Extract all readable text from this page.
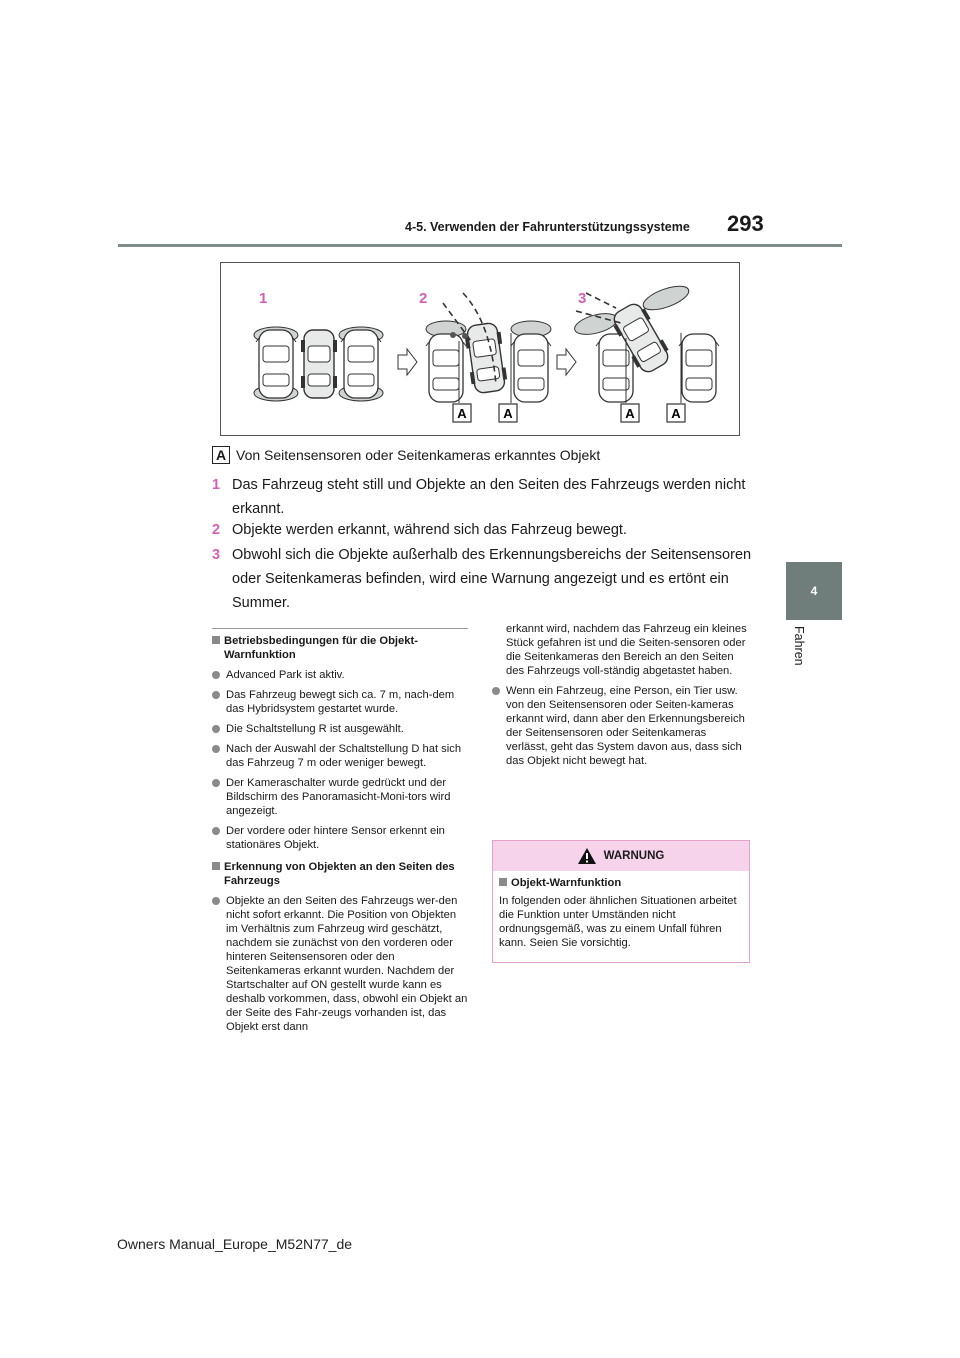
4-5. Verwenden der Fahrunterstützungssysteme 293
4
Fahren
1	2	3
A	A	A	A
A Von Seitensensoren oder Seitenkameras erkanntes Objekt
1 Das Fahrzeug steht still und Objekte an den Seiten des Fahrzeugs werden nicht erkannt.
2 Objekte werden erkannt, während sich das Fahrzeug bewegt.
3 Obwohl sich die Objekte außerhalb des Erkennungsbereichs der Seitensensoren oder Seitenkameras befinden, wird eine Warnung angezeigt und es ertönt ein Summer.
Betriebsbedingungen für die Objekt-Warnfunktion
Advanced Park ist aktiv.
Das Fahrzeug bewegt sich ca. 7 m, nach-dem das Hybridsystem gestartet wurde.
Die Schaltstellung R ist ausgewählt.
Nach der Auswahl der Schaltstellung D hat sich das Fahrzeug 7 m oder weniger bewegt.
Der Kameraschalter wurde gedrückt und der Bildschirm des Panoramasicht-Moni-tors wird angezeigt.
Der vordere oder hintere Sensor erkennt ein stationäres Objekt.
Erkennung von Objekten an den Seiten des Fahrzeugs
Objekte an den Seiten des Fahrzeugs wer-den nicht sofort erkannt. Die Position von Objekten im Verhältnis zum Fahrzeug wird geschätzt, nachdem sie zunächst von den vorderen oder hinteren Seitensensoren oder den Seitenkameras erkannt wurden. Nachdem der Startschalter auf ON gestellt wurde kann es deshalb vorkommen, dass, obwohl ein Objekt an der Seite des Fahr-zeugs vorhanden ist, das Objekt erst dann
erkannt wird, nachdem das Fahrzeug ein kleines Stück gefahren ist und die Seiten-sensoren oder die Seitenkameras den Bereich an den Seiten des Fahrzeugs voll-ständig abgetastet haben.
Wenn ein Fahrzeug, eine Person, ein Tier usw. von den Seitensensoren oder Seiten-kameras erkannt wird, dann aber den Erkennungsbereich der Seitensensoren oder Seitenkameras verlässt, geht das System davon aus, dass sich das Objekt nicht bewegt hat.
WARNUNG
Objekt-Warnfunktion
In folgenden oder ähnlichen Situationen arbeitet die Funktion unter Umständen nicht ordnungsgemäß, was zu einem Unfall führen kann. Seien Sie vorsichtig.
Owners Manual_Europe_M52N77_de
